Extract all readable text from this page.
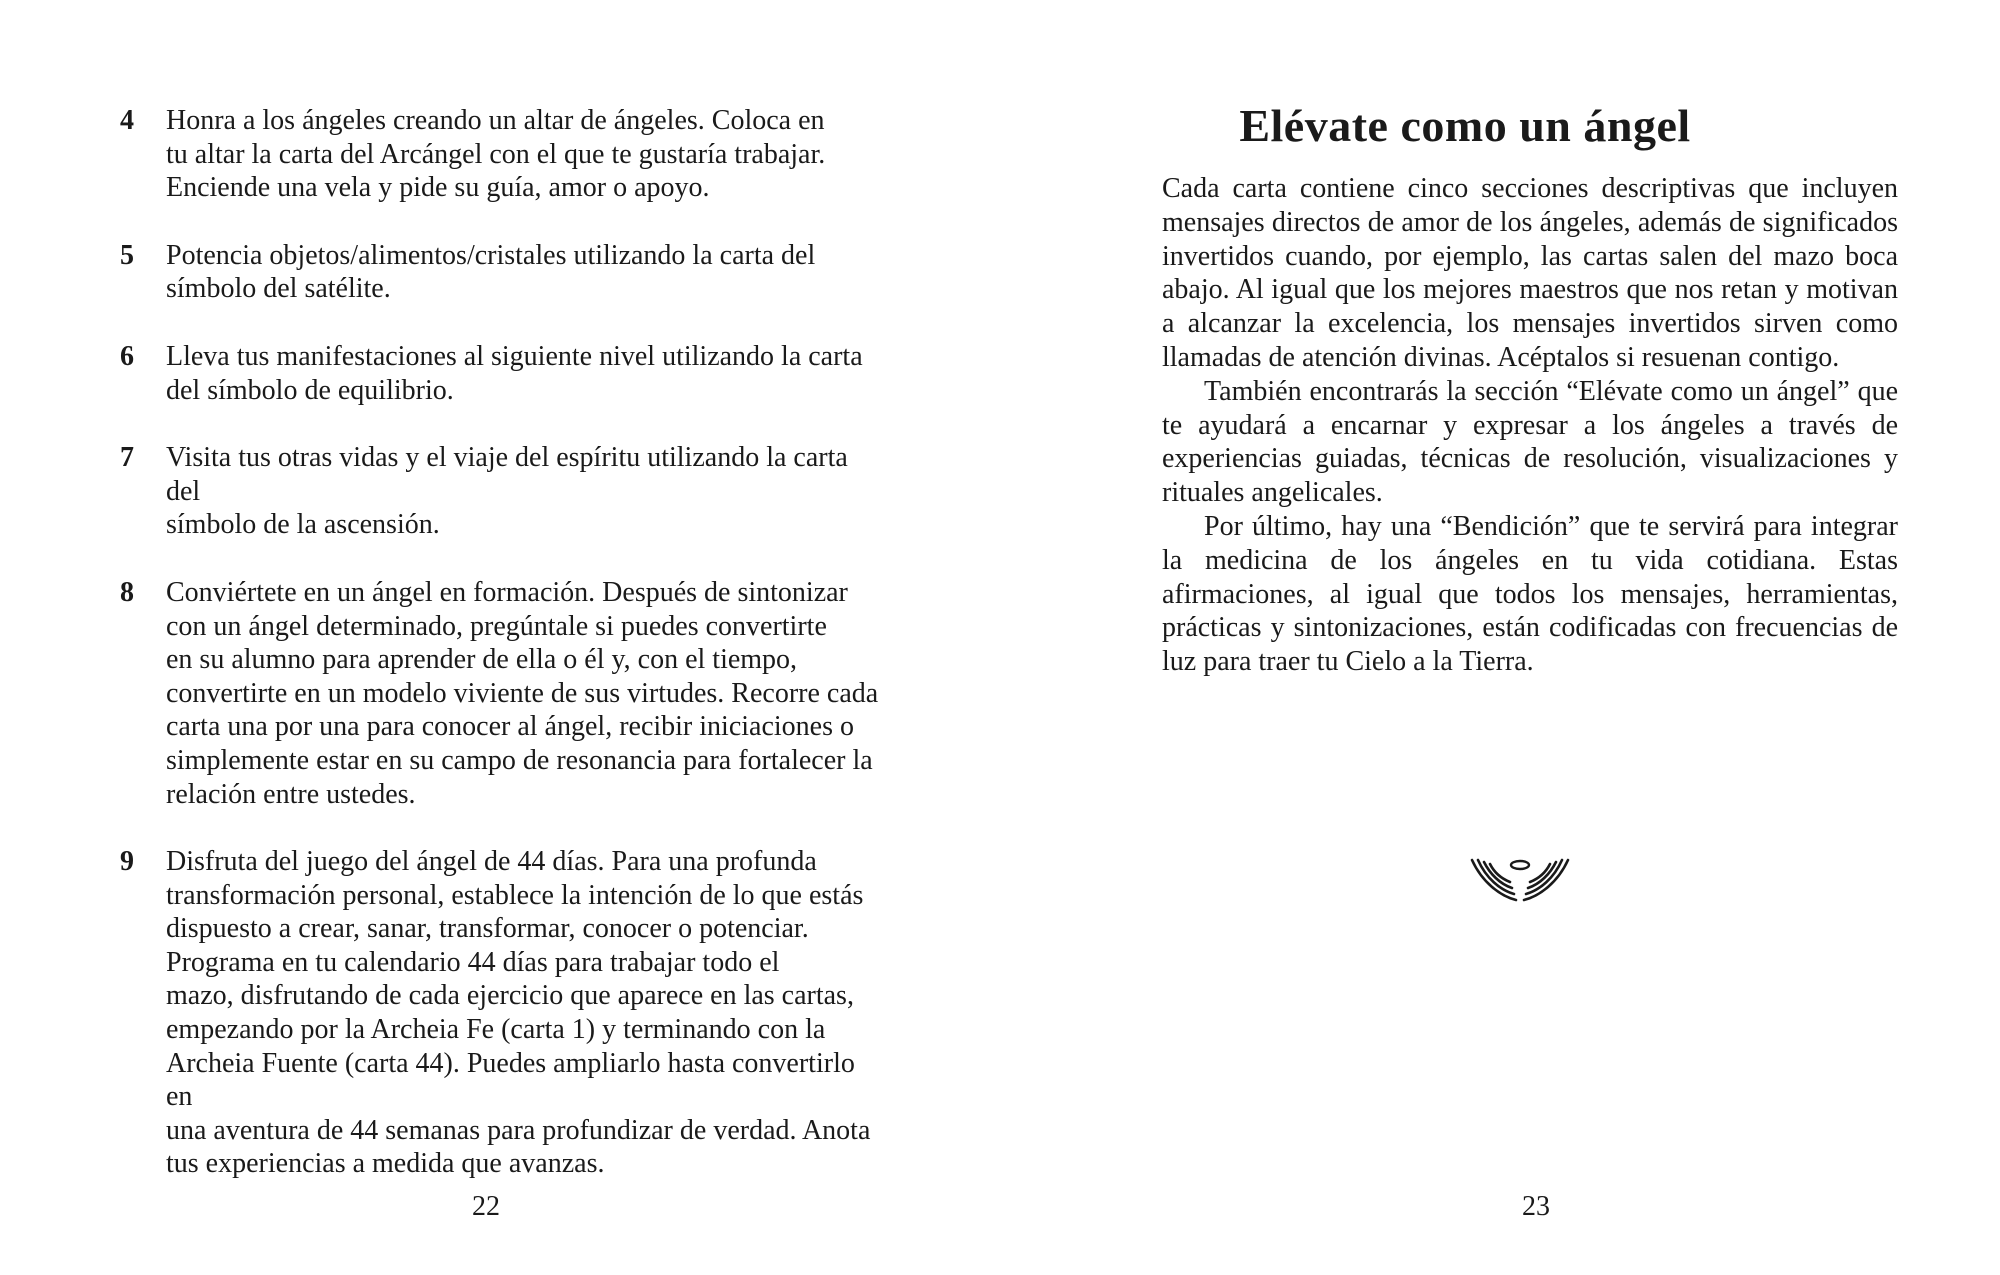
4	Honra a los ángeles creando un altar de ángeles. Coloca en
tu altar la carta del Arcángel con el que te gustaría trabajar.
Enciende una vela y pide su guía, amor o apoyo.
5	Potencia objetos/alimentos/cristales utilizando la carta del
símbolo del satélite.
6	Lleva tus manifestaciones al siguiente nivel utilizando la carta
del símbolo de equilibrio.
7	Visita tus otras vidas y el viaje del espíritu utilizando la carta del
símbolo de la ascensión.
8	Conviértete en un ángel en formación. Después de sintonizar
con un ángel determinado, pregúntale si puedes convertirte
en su alumno para aprender de ella o él y, con el tiempo,
convertirte en un modelo viviente de sus virtudes. Recorre cada
carta una por una para conocer al ángel, recibir iniciaciones o
simplemente estar en su campo de resonancia para fortalecer la
relación entre ustedes.
9	Disfruta del juego del ángel de 44 días. Para una profunda
transformación personal, establece la intención de lo que estás
dispuesto a crear, sanar, transformar, conocer o potenciar.
Programa en tu calendario 44 días para trabajar todo el
mazo, disfrutando de cada ejercicio que aparece en las cartas,
empezando por la Archeia Fe (carta 1) y terminando con la
Archeia Fuente (carta 44). Puedes ampliarlo hasta convertirlo en
una aventura de 44 semanas para profundizar de verdad. Anota
tus experiencias a medida que avanzas.
22
Elévate como un ángel

Cada carta contiene cinco secciones descriptivas que incluyen mensajes directos de amor de los ángeles, además de significados invertidos cuando, por ejemplo, las cartas salen del mazo boca abajo. Al igual que los mejores maestros que nos retan y motivan a alcanzar la excelencia, los mensajes invertidos sirven como llamadas de atención divinas. Acéptalos si resuenan contigo.

También encontrarás la sección “Elévate como un ángel” que te ayudará a encarnar y expresar a los ángeles a través de experiencias guiadas, técnicas de resolución, visualizaciones y rituales angelicales.

Por último, hay una “Bendición” que te servirá para integrar la medicina de los ángeles en tu vida cotidiana. Estas afirmaciones, al igual que todos los mensajes, herramientas, prácticas y sintonizaciones, están codificadas con frecuencias de luz para traer tu Cielo a la Tierra.

23
